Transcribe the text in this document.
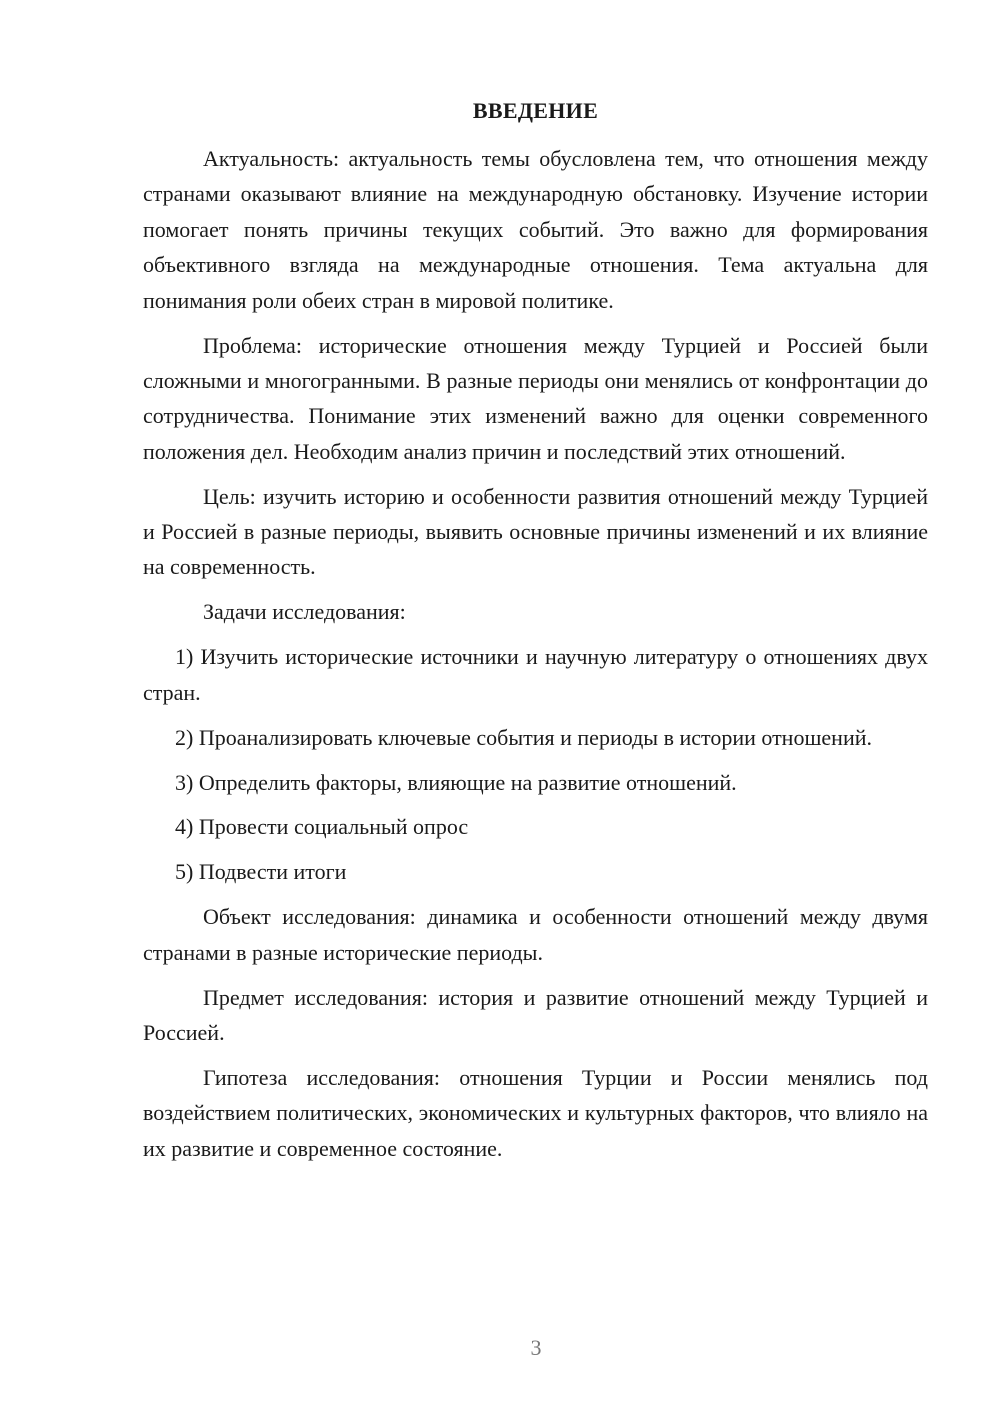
ВВЕДЕНИЕ

Актуальность: актуальность темы обусловлена тем, что отношения между странами оказывают влияние на международную обстановку. Изучение истории помогает понять причины текущих событий. Это важно для формирования объективного взгляда на международные отношения. Тема актуальна для понимания роли обеих стран в мировой политике.

Проблема: исторические отношения между Турцией и Россией были сложными и многогранными. В разные периоды они менялись от конфронтации до сотрудничества. Понимание этих изменений важно для оценки современного положения дел. Необходим анализ причин и последствий этих отношений.

Цель: изучить историю и особенности развития отношений между Турцией и Россией в разные периоды, выявить основные причины изменений и их влияние на современность.

Задачи исследования:

1) Изучить исторические источники и научную литературу о отношениях двух стран.

2) Проанализировать ключевые события и периоды в истории отношений.

3) Определить факторы, влияющие на развитие отношений.

4) Провести социальный опрос

5) Подвести итоги

Объект исследования: динамика и особенности отношений между двумя странами в разные исторические периоды.

Предмет исследования: история и развитие отношений между Турцией и Россией.

Гипотеза исследования: отношения Турции и России менялись под воздействием политических, экономических и культурных факторов, что влияло на их развитие и современное состояние.

3
